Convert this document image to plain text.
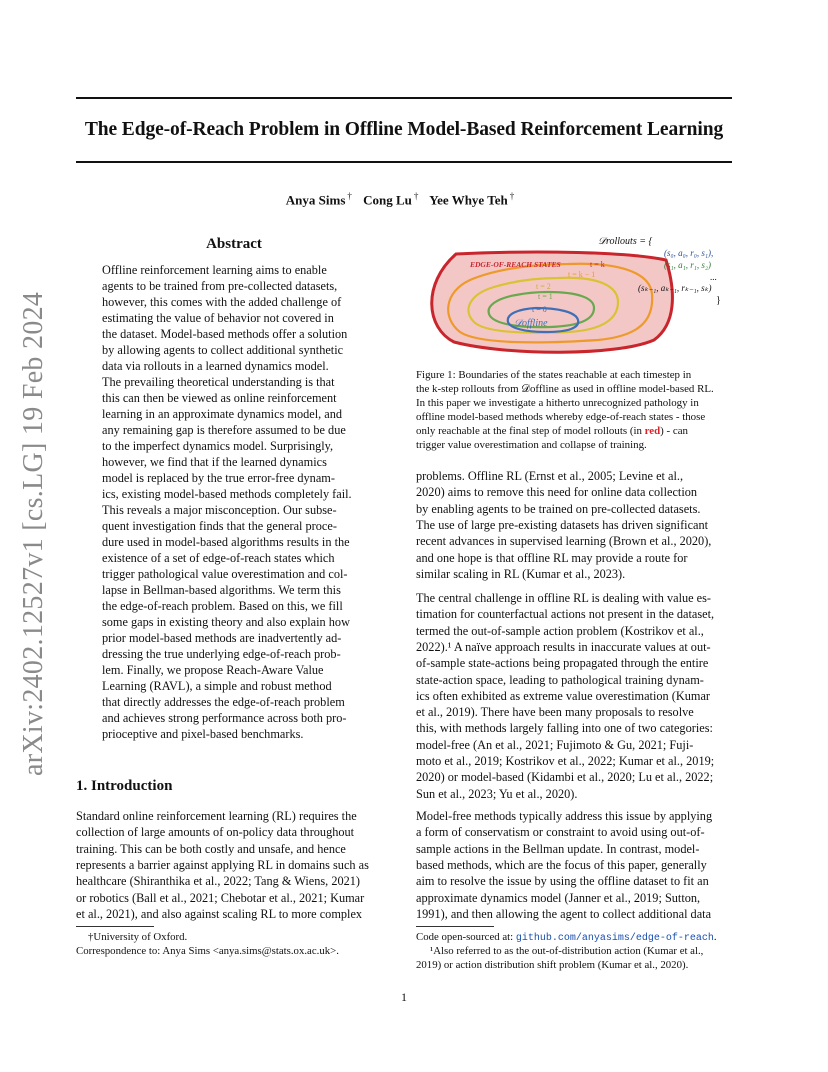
The Edge-of-Reach Problem in Offline Model-Based Reinforcement Learning
Anya Sims † Cong Lu † Yee Whye Teh †
arXiv:2402.12527v1 [cs.LG] 19 Feb 2024
Abstract
Offline reinforcement learning aims to enable
agents to be trained from pre-collected datasets,
however, this comes with the added challenge of
estimating the value of behavior not covered in
the dataset. Model-based methods offer a solution
by allowing agents to collect additional synthetic
data via rollouts in a learned dynamics model.
The prevailing theoretical understanding is that
this can then be viewed as online reinforcement
learning in an approximate dynamics model, and
any remaining gap is therefore assumed to be due
to the imperfect dynamics model. Surprisingly,
however, we find that if the learned dynamics
model is replaced by the true error-free dynam-
ics, existing model-based methods completely fail.
This reveals a major misconception. Our subse-
quent investigation finds that the general proce-
dure used in model-based algorithms results in the
existence of a set of edge-of-reach states which
trigger pathological value overestimation and col-
lapse in Bellman-based algorithms. We term this
the edge-of-reach problem. Based on this, we fill
some gaps in existing theory and also explain how
prior model-based methods are inadvertently ad-
dressing the true underlying edge-of-reach prob-
lem. Finally, we propose Reach-Aware Value
Learning (RAVL), a simple and robust method
that directly addresses the edge-of-reach problem
and achieves strong performance across both pro-
prioceptive and pixel-based benchmarks.
EDGE-OF-REACH STATES	t = k
t = k − 1
t = 2
t = 1
t = 0
𝒟offline
𝒟rollouts = {
(s₀, a₀, r₀, s₁),
(s₁, a₁, r₁, s₂)
...
(sₖ₋₁, aₖ₋₁, rₖ₋₁, sₖ)
}
Figure 1: Boundaries of the states reachable at each timestep in
the k-step rollouts from 𝒟offline as used in offline model-based RL.
In this paper we investigate a hitherto unrecognized pathology in
offline model-based methods whereby edge-of-reach states - those
only reachable at the final step of model rollouts (in red) - can
trigger value overestimation and collapse of training.
problems. Offline RL (Ernst et al., 2005; Levine et al.,
2020) aims to remove this need for online data collection
by enabling agents to be trained on pre-collected datasets.
The use of large pre-existing datasets has driven significant
recent advances in supervised learning (Brown et al., 2020),
and one hope is that offline RL may provide a route for
similar scaling in RL (Kumar et al., 2023).
The central challenge in offline RL is dealing with value es-
timation for counterfactual actions not present in the dataset,
termed the out-of-sample action problem (Kostrikov et al.,
2022).¹ A naïve approach results in inaccurate values at out-
of-sample state-actions being propagated through the entire
state-action space, leading to pathological training dynam-
ics often exhibited as extreme value overestimation (Kumar
et al., 2019). There have been many proposals to resolve
this, with methods largely falling into one of two categories:
model-free (An et al., 2021; Fujimoto & Gu, 2021; Fuji-
moto et al., 2019; Kostrikov et al., 2022; Kumar et al., 2019;
2020) or model-based (Kidambi et al., 2020; Lu et al., 2022;
Sun et al., 2023; Yu et al., 2020).
Model-free methods typically address this issue by applying
a form of conservatism or constraint to avoid using out-of-
sample actions in the Bellman update. In contrast, model-
based methods, which are the focus of this paper, generally
aim to resolve the issue by using the offline dataset to fit an
approximate dynamics model (Janner et al., 2019; Sutton,
1991), and then allowing the agent to collect additional data
1. Introduction
Standard online reinforcement learning (RL) requires the
collection of large amounts of on-policy data throughout
training. This can be both costly and unsafe, and hence
represents a barrier against applying RL in domains such as
healthcare (Shiranthika et al., 2022; Tang & Wiens, 2021)
or robotics (Ball et al., 2021; Chebotar et al., 2021; Kumar
et al., 2021), and also against scaling RL to more complex
†University of Oxford.
Correspondence to: Anya Sims <anya.sims@stats.ox.ac.uk>.
Code open-sourced at: github.com/anyasims/edge-of-reach.
¹Also referred to as the out-of-distribution action (Kumar et al.,
2019) or action distribution shift problem (Kumar et al., 2020).
1
